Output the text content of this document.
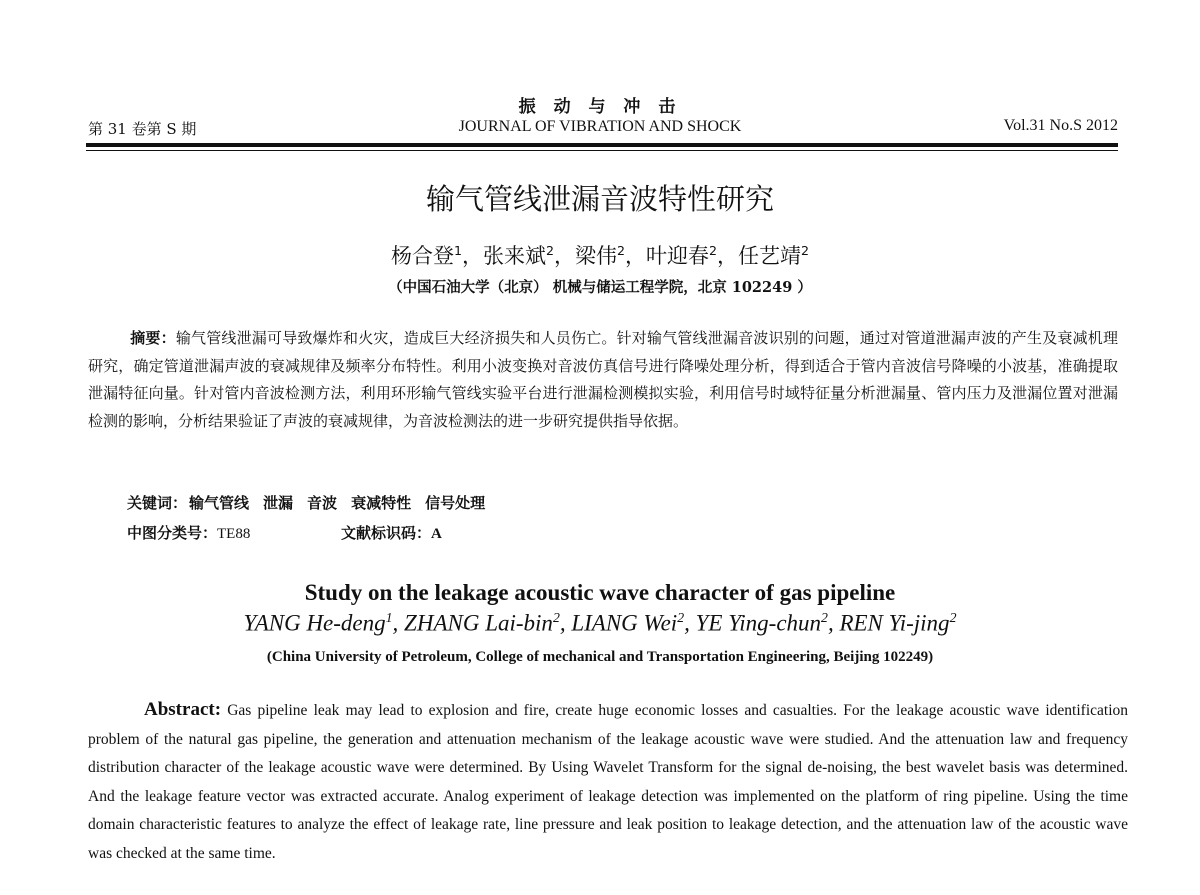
振 动 与 冲 击
第 31 卷第 S 期	JOURNAL OF VIBRATION AND SHOCK	Vol.31 No.S 2012
输气管线泄漏音波特性研究
杨合登$^1$，张来斌$^2$，梁伟$^2$，叶迎春$^2$，任艺靖$^2$
（中国石油大学（北京） 机械与储运工程学院，北京 102249 ）
摘要：输气管线泄漏可导致爆炸和火灾，造成巨大经济损失和人员伤亡。针对输气管线泄漏音波识别的问题，通过对管道泄漏声波的产生及衰减机理研究，确定管道泄漏声波的衰减规律及频率分布特性。利用小波变换对音波仿真信号进行降噪处理分析，得到适合于管内音波信号降噪的小波基，准确提取泄漏特征向量。针对管内音波检测方法，利用环形输气管线实验平台进行泄漏检测模拟实验，利用信号时域特征量分析泄漏量、管内压力及泄漏位置对泄漏检测的影响，分析结果验证了声波的衰减规律，为音波检测法的进一步研究提供指导依据。
关键词： 输气管线 泄漏 音波 衰减特性 信号处理
中图分类号：TE88	文献标识码：A
Study on the leakage acoustic wave character of gas pipeline
YANG He-deng$^1$, ZHANG Lai-bin$^2$, LIANG Wei$^2$, YE Ying-chun$^2$, REN Yi-jing$^2$
(China University of Petroleum, College of mechanical and Transportation Engineering, Beijing 102249)
Abstract: Gas pipeline leak may lead to explosion and fire, create huge economic losses and casualties. For the leakage acoustic wave identification problem of the natural gas pipeline, the generation and attenuation mechanism of the leakage acoustic wave were studied. And the attenuation law and frequency distribution character of the leakage acoustic wave were determined. By Using Wavelet Transform for the signal de-noising, the best wavelet basis was determined. And the leakage feature vector was extracted accurate. Analog experiment of leakage detection was implemented on the platform of ring pipeline. Using the time domain characteristic features to analyze the effect of leakage rate, line pressure and leak position to leakage detection, and the attenuation law of the acoustic wave was checked at the same time.
